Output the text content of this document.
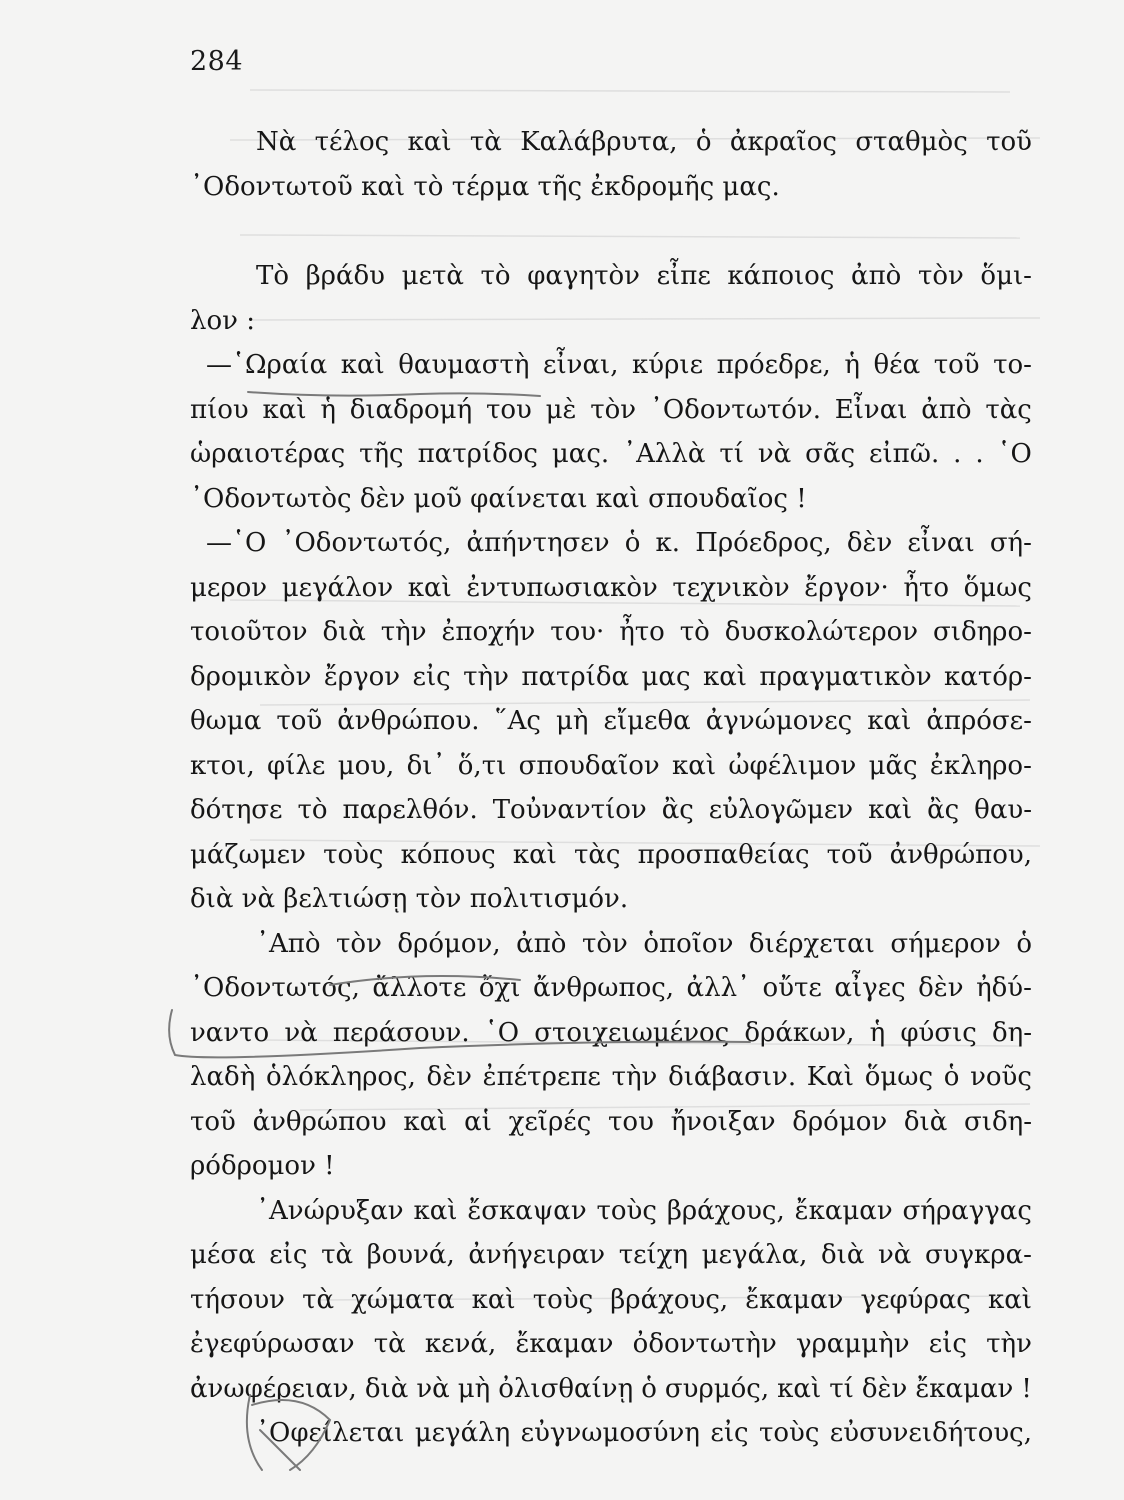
284
Νὰ τέλος καὶ τὰ Καλάβρυτα, ὁ ἀκραῖος σταθμὸς τοῦ
᾿Οδοντωτοῦ καὶ τὸ τέρμα τῆς ἐκδρομῆς μας.
Τὸ βράδυ μετὰ τὸ φαγητὸν εἶπε κάποιος ἀπὸ τὸν ὅμι-
λον :
—῾Ωραία καὶ θαυμαστὴ εἶναι, κύριε πρόεδρε, ἡ θέα τοῦ το-
πίου καὶ ἡ διαδρομή του μὲ τὸν ᾿Οδοντωτόν. Εἶναι ἀπὸ τὰς
ὡραιοτέρας τῆς πατρίδος μας. ᾿Αλλὰ τί νὰ σᾶς εἰπῶ. . . ῾Ο
᾿Οδοντωτὸς δὲν μοῦ φαίνεται καὶ σπουδαῖος !
—῾Ο ᾿Οδοντωτός, ἀπήντησεν ὁ κ. Πρόεδρος, δὲν εἶναι σή-
μερον μεγάλον καὶ ἐντυπωσιακὸν τεχνικὸν ἔργον· ἦτο ὅμως
τοιοῦτον διὰ τὴν ἐποχήν του· ἦτο τὸ δυσκολώτερον σιδηρο-
δρομικὸν ἔργον εἰς τὴν πατρίδα μας καὶ πραγματικὸν κατόρ-
θωμα τοῦ ἀνθρώπου. ῞Ας μὴ εἴμεθα ἀγνώμονες καὶ ἀπρόσε-
κτοι, φίλε μου, δι᾿ ὅ,τι σπουδαῖον καὶ ὠφέλιμον μᾶς ἐκληρο-
δότησε τὸ παρελθόν. Τοὐναντίον ἂς εὐλογῶμεν καὶ ἂς θαυ-
μάζωμεν τοὺς κόπους καὶ τὰς προσπαθείας τοῦ ἀνθρώπου,
διὰ νὰ βελτιώσῃ τὸν πολιτισμόν.
᾿Απὸ τὸν δρόμον, ἀπὸ τὸν ὁποῖον διέρχεται σήμερον ὁ
᾿Οδοντωτός, ἄλλοτε ὄχι ἄνθρωπος, ἀλλ᾿ οὔτε αἶγες δὲν ἠδύ-
ναντο νὰ περάσουν. ῾Ο στοιχειωμένος δράκων, ἡ φύσις δη-
λαδὴ ὁλόκληρος, δὲν ἐπέτρεπε τὴν διάβασιν. Καὶ ὅμως ὁ νοῦς
τοῦ ἀνθρώπου καὶ αἱ χεῖρές του ἤνοιξαν δρόμον διὰ σιδη-
ρόδρομον !
᾿Ανώρυξαν καὶ ἔσκαψαν τοὺς βράχους, ἔκαμαν σήραγγας
μέσα εἰς τὰ βουνά, ἀνήγειραν τείχη μεγάλα, διὰ νὰ συγκρα-
τήσουν τὰ χώματα καὶ τοὺς βράχους, ἔκαμαν γεφύρας καὶ
ἐγεφύρωσαν τὰ κενά, ἔκαμαν ὀδοντωτὴν γραμμὴν εἰς τὴν
ἀνωφέρειαν, διὰ νὰ μὴ ὀλισθαίνῃ ὁ συρμός, καὶ τί δὲν ἔκαμαν !
᾿Οφείλεται μεγάλη εὐγνωμοσύνη εἰς τοὺς εὐσυνειδήτους,
